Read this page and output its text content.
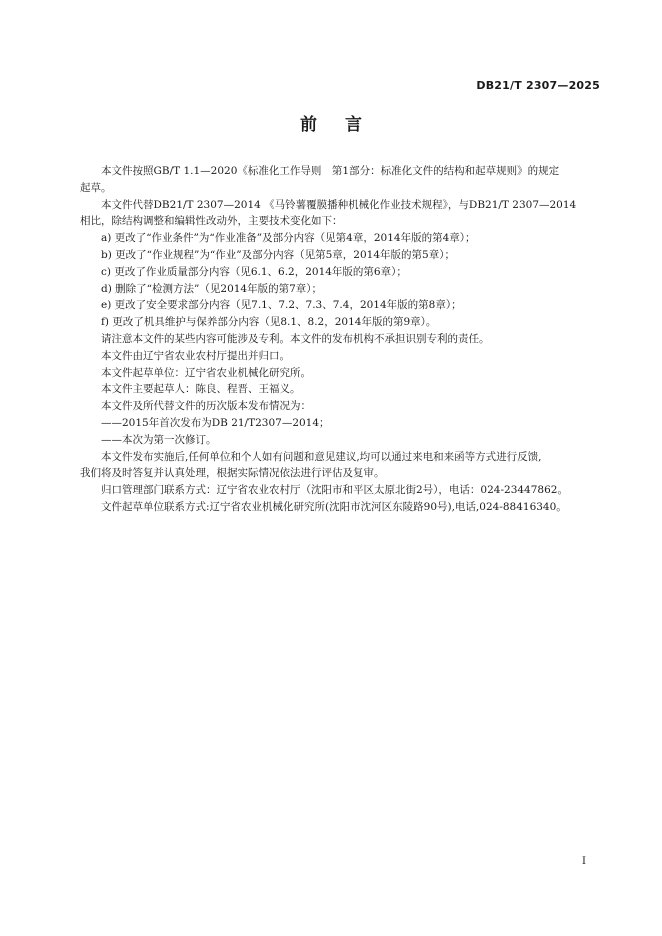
DB21/T 2307—2025
前言

本文件按照GB/T 1.1—2020《标准化工作导则　第1部分：标准化文件的结构和起草规则》的规定

起草。

本文件代替DB21/T 2307—2014 《马铃薯覆膜播种机械化作业技术规程》，与DB21/T 2307—2014

相比，除结构调整和编辑性改动外，主要技术变化如下：

a) 更改了“作业条件”为“作业准备”及部分内容（见第4章，2014年版的第4章）；

b) 更改了“作业规程”为“作业”及部分内容（见第5章，2014年版的第5章）；

c) 更改了作业质量部分内容（见6.1、6.2，2014年版的第6章）；

d) 删除了“检测方法”（见2014年版的第7章）；

e) 更改了安全要求部分内容（见7.1、7.2、7.3、7.4，2014年版的第8章）；

f) 更改了机具维护与保养部分内容（见8.1、8.2，2014年版的第9章）。

请注意本文件的某些内容可能涉及专利。本文件的发布机构不承担识别专利的责任。

本文件由辽宁省农业农村厅提出并归口。

本文件起草单位：辽宁省农业机械化研究所。

本文件主要起草人：陈良、程晋、王福义。

本文件及所代替文件的历次版本发布情况为：

——2015年首次发布为DB 21/T2307—2014；

——本次为第一次修订。

本文件发布实施后,任何单位和个人如有问题和意见建议,均可以通过来电和来函等方式进行反馈,

我们将及时答复并认真处理，根据实际情况依法进行评估及复审。

归口管理部门联系方式：辽宁省农业农村厅（沈阳市和平区太原北街2号），电话：024-23447862。

文件起草单位联系方式:辽宁省农业机械化研究所(沈阳市沈河区东陵路90号),电话,024-88416340。

I
